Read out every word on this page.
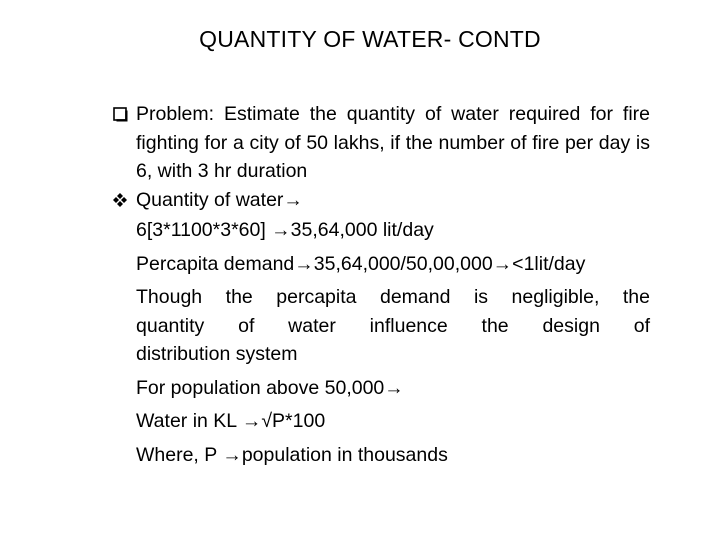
QUANTITY OF WATER- CONTD
Problem: Estimate the quantity of water required for fire fighting for a city of 50 lakhs, if the number of fire per day is 6, with 3 hr duration
Quantity of water→
6[3*1100*3*60] →35,64,000 lit/day
Percapita demand→35,64,000/50,00,000→<1lit/day
Though the percapita demand is negligible, the
quantity of water influence the design of
distribution system
For population above 50,000→
Water in KL →√P*100
Where, P →population in thousands
